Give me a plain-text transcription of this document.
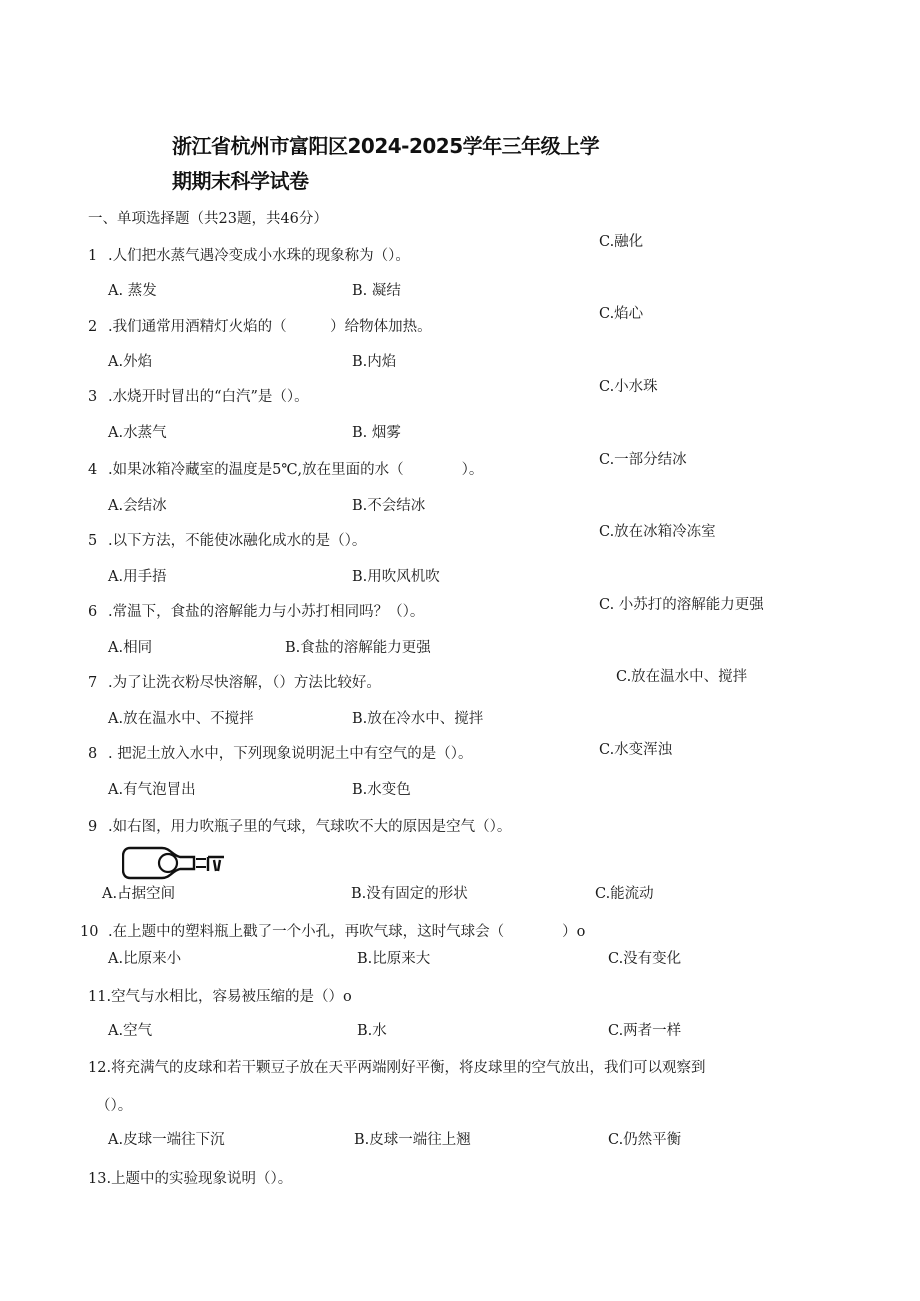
浙江省杭州市富阳区2024-2025学年三年级上学
期期末科学试卷
一、单项选择题（共23题，共46分）
1 .人们把水蒸气遇冷变成小水珠的现象称为（）。
C.融化
A. 蒸发	B. 凝结
2 .我们通常用酒精灯火焰的（　　　）给物体加热。
C.焰心
A.外焰	B.内焰
3 .水烧开时冒出的“白汽”是（）。
C.小水珠
A.水蒸气	B. 烟雾
4 .如果冰箱冷藏室的温度是5℃,放在里面的水（　　　　）。
C.一部分结冰
A.会结冰	B.不会结冰
5 .以下方法，不能使冰融化成水的是（）。
C.放在冰箱冷冻室
A.用手捂	B.用吹风机吹
6 .常温下，食盐的溶解能力与小苏打相同吗？（）。	C. 小苏打的溶解能力更强
A.相同	B.食盐的溶解能力更强
7 .为了让洗衣粉尽快溶解，（）方法比较好。	C.放在温水中、搅拌
A.放在温水中、不搅拌	B.放在冷水中、搅拌
8 . 把泥土放入水中，下列现象说明泥土中有空气的是（）。	C.水变浑浊
A.有气泡冒出	B.水变色
9 .如右图，用力吹瓶子里的气球，气球吹不大的原因是空气（）。
A.占据空间	B.没有固定的形状	C.能流动
10 .在上题中的塑料瓶上戳了一个小孔，再吹气球，这时气球会（　　　　）o
A.比原来小	B.比原来大	C.没有变化
11.空气与水相比，容易被压缩的是（）o
A.空气	B.水	C.两者一样
12.将充满气的皮球和若干颗豆子放在天平两端刚好平衡，将皮球里的空气放出，我们可以观察到
（）。
A.皮球一端往下沉	B.皮球一端往上翘	C.仍然平衡
13.上题中的实验现象说明（）。
